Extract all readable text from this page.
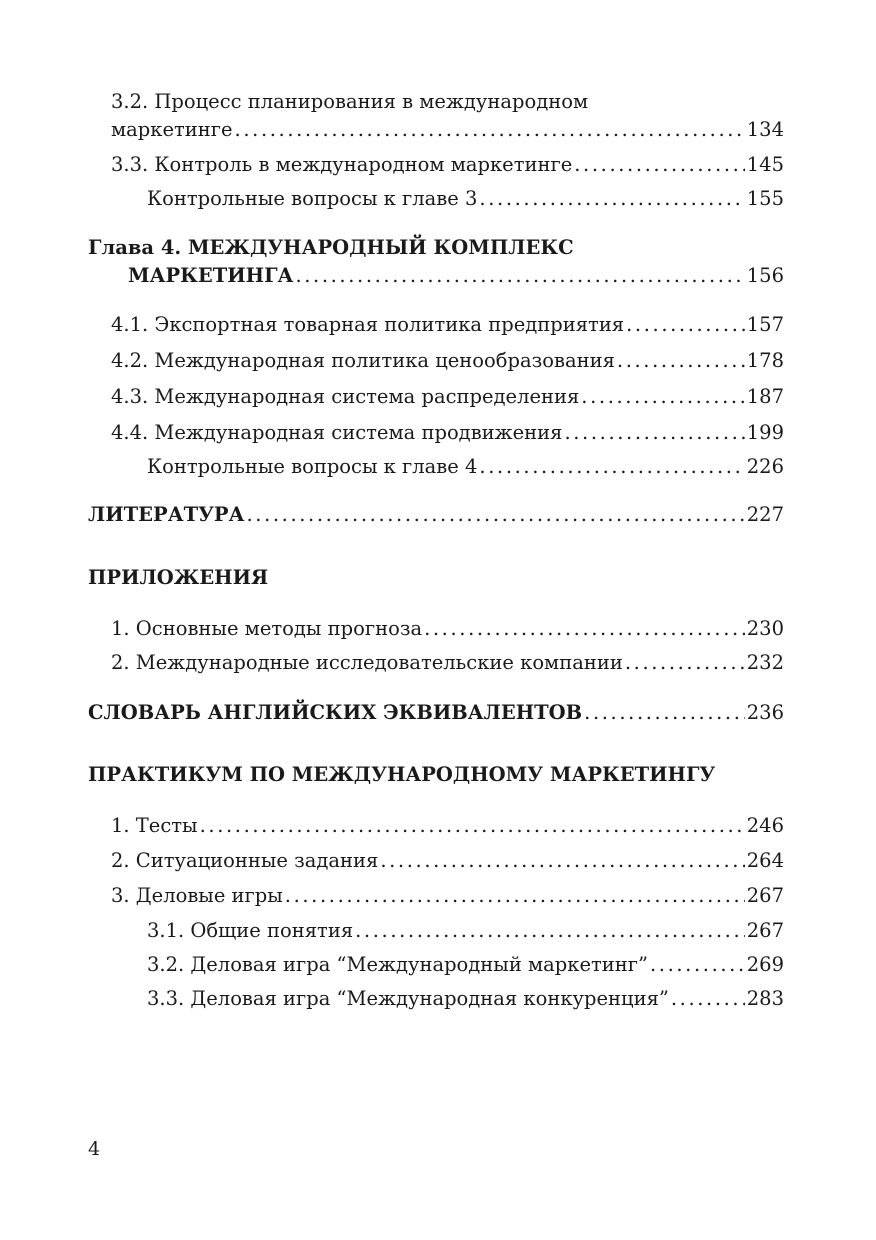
3.2. Процесс планирования в международном
маркетинге .....	134
3.3. Контроль в международном маркетинге .....	145
Контрольные вопросы к главе 3 .....	155
Глава 4. МЕЖДУНАРОДНЫЙ КОМПЛЕКС
МАРКЕТИНГА .....	156
4.1. Экспортная товарная политика предприятия .....	157
4.2. Международная политика ценообразования .....	178
4.3. Международная система распределения .....	187
4.4. Международная система продвижения .....	199
Контрольные вопросы к главе 4 .....	226
ЛИТЕРАТУРА .....	227
ПРИЛОЖЕНИЯ
1. Основные методы прогноза .....	230
2. Международные исследовательские компании .....	232
СЛОВАРЬ АНГЛИЙСКИХ ЭКВИВАЛЕНТОВ .....	236
ПРАКТИКУМ ПО МЕЖДУНАРОДНОМУ МАРКЕТИНГУ
1. Тесты .....	246
2. Ситуационные задания .....	264
3. Деловые игры .....	267
3.1. Общие понятия .....	267
3.2. Деловая игра “Международный маркетинг” .....	269
3.3. Деловая игра “Международная конкуренция” .....	283
4
